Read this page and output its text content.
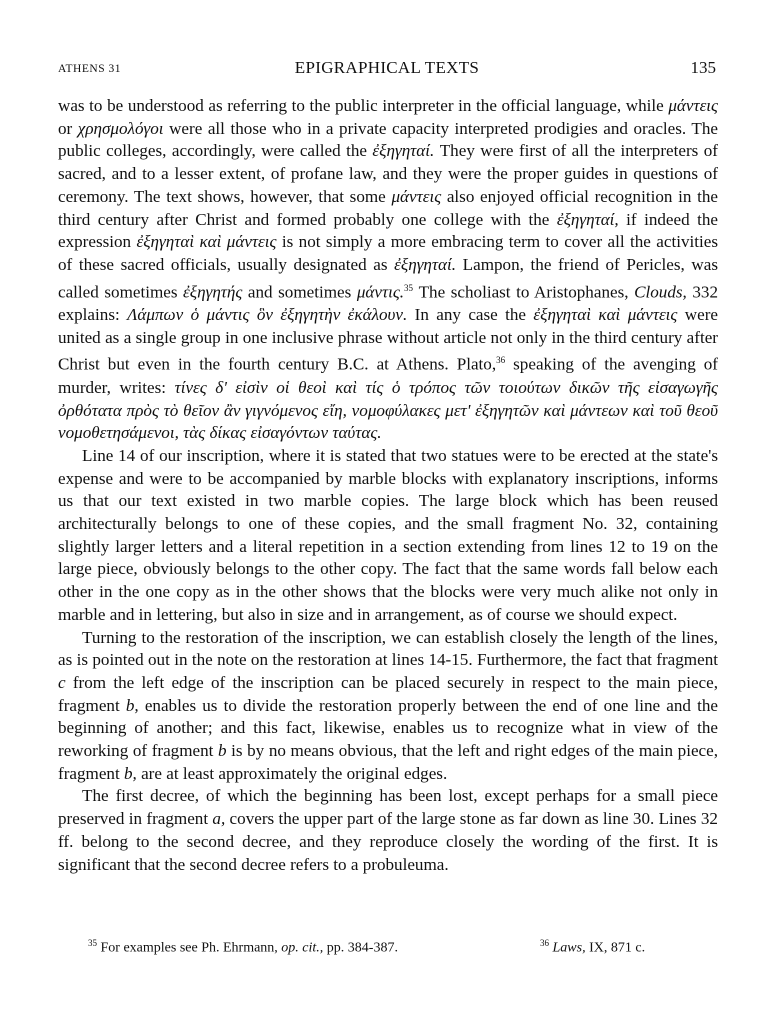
ATHENS 31	EPIGRAPHICAL TEXTS	135

was to be understood as referring to the public interpreter in the official language, while μάντεις or χρησμολόγοι were all those who in a private capacity interpreted prodigies and oracles. The public colleges, accordingly, were called the ἐξηγηταί. They were first of all the interpreters of sacred, and to a lesser extent, of profane law, and they were the proper guides in questions of ceremony. The text shows, however, that some μάντεις also enjoyed official recognition in the third century after Christ and formed probably one college with the ἐξηγηταί, if indeed the expression ἐξηγηταὶ καὶ μάντεις is not simply a more embracing term to cover all the activities of these sacred officials, usually designated as ἐξηγηταί. Lampon, the friend of Pericles, was called sometimes ἐξηγητής and sometimes μάντις.$^{35}$ The scholiast to Aristophanes, Clouds, 332 explains: Λάμπων ὁ μάντις ὃν ἐξηγητὴν ἐκάλουν. In any case the ἐξηγηταὶ καὶ μάντεις were united as a single group in one inclusive phrase without article not only in the third century after Christ but even in the fourth century B.C. at Athens. Plato,$^{36}$ speaking of the avenging of murder, writes: τίνες δ' εἰσὶν οἱ θεοὶ καὶ τίς ὁ τρόπος τῶν τοιούτων δικῶν τῆς εἰσαγωγῆς ὀρθότατα πρὸς τὸ θεῖον ἂν γιγνόμενος εἴη, νομοφύλακες μετ' ἐξηγητῶν καὶ μάντεων καὶ τοῦ θεοῦ νομοθετησάμενοι, τὰς δίκας εἰσαγόντων ταύτας.

Line 14 of our inscription, where it is stated that two statues were to be erected at the state's expense and were to be accompanied by marble blocks with explanatory inscriptions, informs us that our text existed in two marble copies. The large block which has been reused architecturally belongs to one of these copies, and the small fragment No. 32, containing slightly larger letters and a literal repetition in a section extending from lines 12 to 19 on the large piece, obviously belongs to the other copy. The fact that the same words fall below each other in the one copy as in the other shows that the blocks were very much alike not only in marble and in lettering, but also in size and in arrangement, as of course we should expect.

Turning to the restoration of the inscription, we can establish closely the length of the lines, as is pointed out in the note on the restoration at lines 14-15. Furthermore, the fact that fragment c from the left edge of the inscription can be placed securely in respect to the main piece, fragment b, enables us to divide the restoration properly between the end of one line and the beginning of another; and this fact, likewise, enables us to recognize what in view of the reworking of fragment b is by no means obvious, that the left and right edges of the main piece, fragment b, are at least approximately the original edges.

The first decree, of which the beginning has been lost, except perhaps for a small piece preserved in fragment a, covers the upper part of the large stone as far down as line 30. Lines 32 ff. belong to the second decree, and they reproduce closely the wording of the first. It is significant that the second decree refers to a probuleuma.

$^{35}$ For examples see Ph. Ehrmann, op. cit., pp. 384-387.	$^{36}$ Laws, IX, 871 c.
